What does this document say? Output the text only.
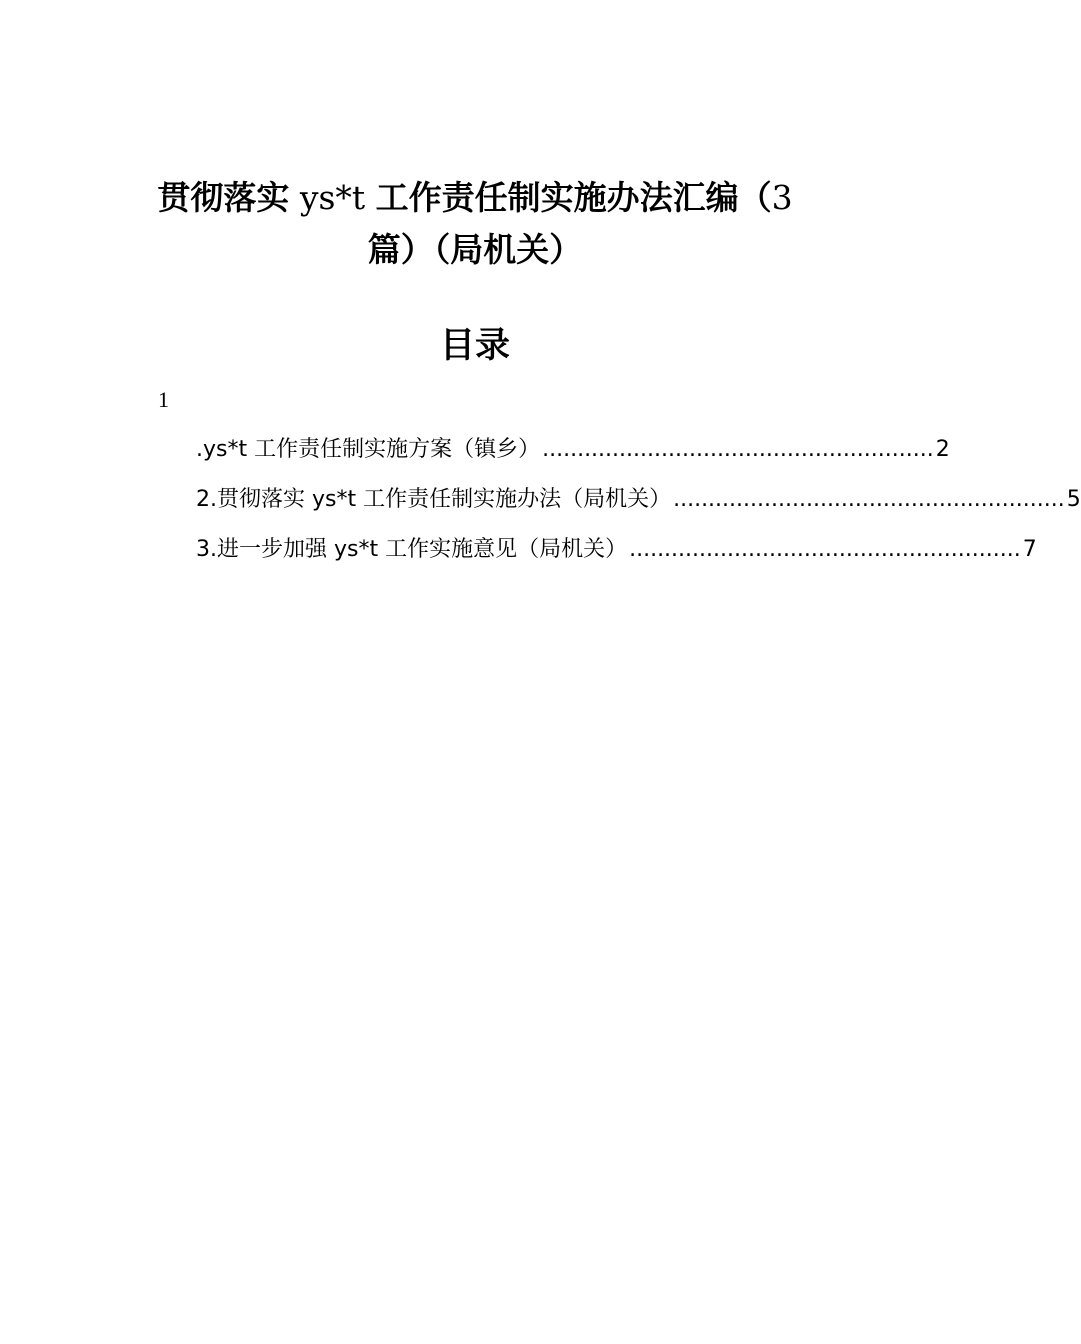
贯彻落实 ys*t 工作责任制实施办法汇编（3
篇）（局机关）
目录
1
.ys*t 工作责任制实施方案（镇乡） ........................................................ 2
2.贯彻落实 ys*t 工作责任制实施办法（局机关） ........................................................ 5
3.进一步加强 ys*t 工作实施意见（局机关） ........................................................ 7
